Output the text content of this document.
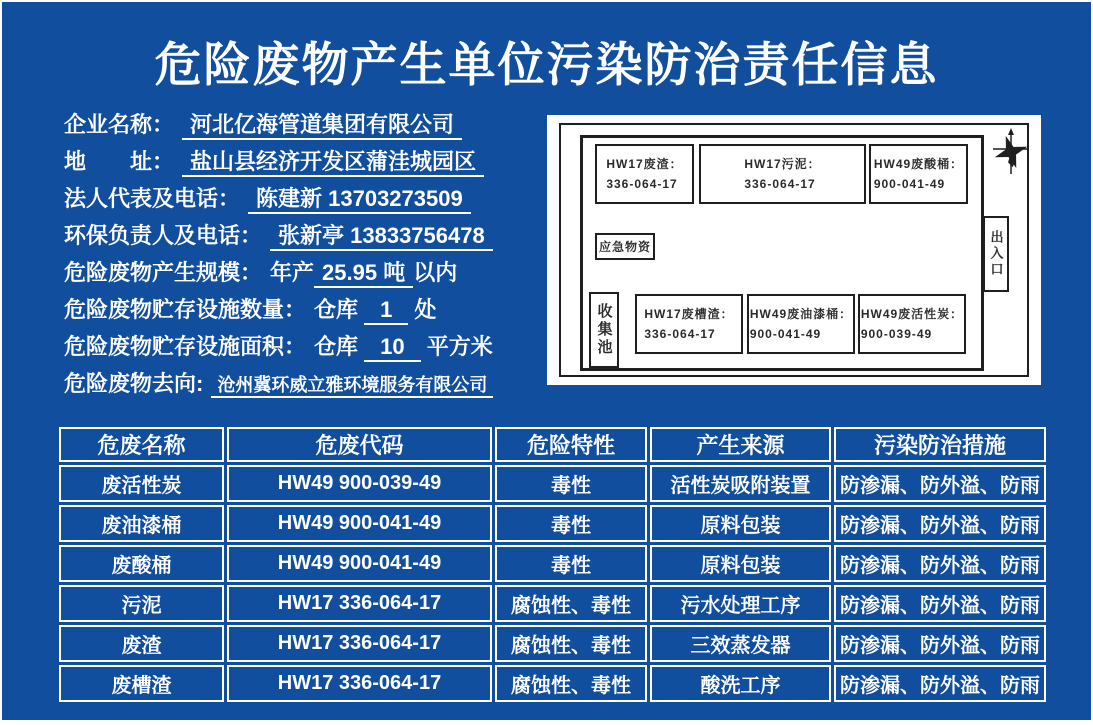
危险废物产生单位污染防治责任信息
企业名称： 河北亿海管道集团有限公司
地　　址： 盐山县经济开发区蒲洼城园区
法人代表及电话： 陈建新 13703273509
环保负责人及电话： 张新亭 13833756478
危险废物产生规模： 年产 25.95 吨 以内
危险废物贮存设施数量： 仓库 1 处
危险废物贮存设施面积： 仓库 10 平方米
危险废物去向: 沧州冀环威立雅环境服务有限公司
HW17废渣：
336-064-17
HW17污泥：
336-064-17
HW49废酸桶：
900-041-49
应急物资
收集池	HW17废槽渣：
336-064-17
HW49废油漆桶：
900-041-49
HW49废活性炭：
900-039-49
出入口
危废名称	危废代码	危险特性	产生来源	污染防治措施
废活性炭	HW49 900-039-49	毒性	活性炭吸附装置	防渗漏、防外溢、防雨
废油漆桶	HW49 900-041-49	毒性	原料包装	防渗漏、防外溢、防雨
废酸桶	HW49 900-041-49	毒性	原料包装	防渗漏、防外溢、防雨
污泥	HW17 336-064-17	腐蚀性、毒性	污水处理工序	防渗漏、防外溢、防雨
废渣	HW17 336-064-17	腐蚀性、毒性	三效蒸发器	防渗漏、防外溢、防雨
废槽渣	HW17 336-064-17	腐蚀性、毒性	酸洗工序	防渗漏、防外溢、防雨
